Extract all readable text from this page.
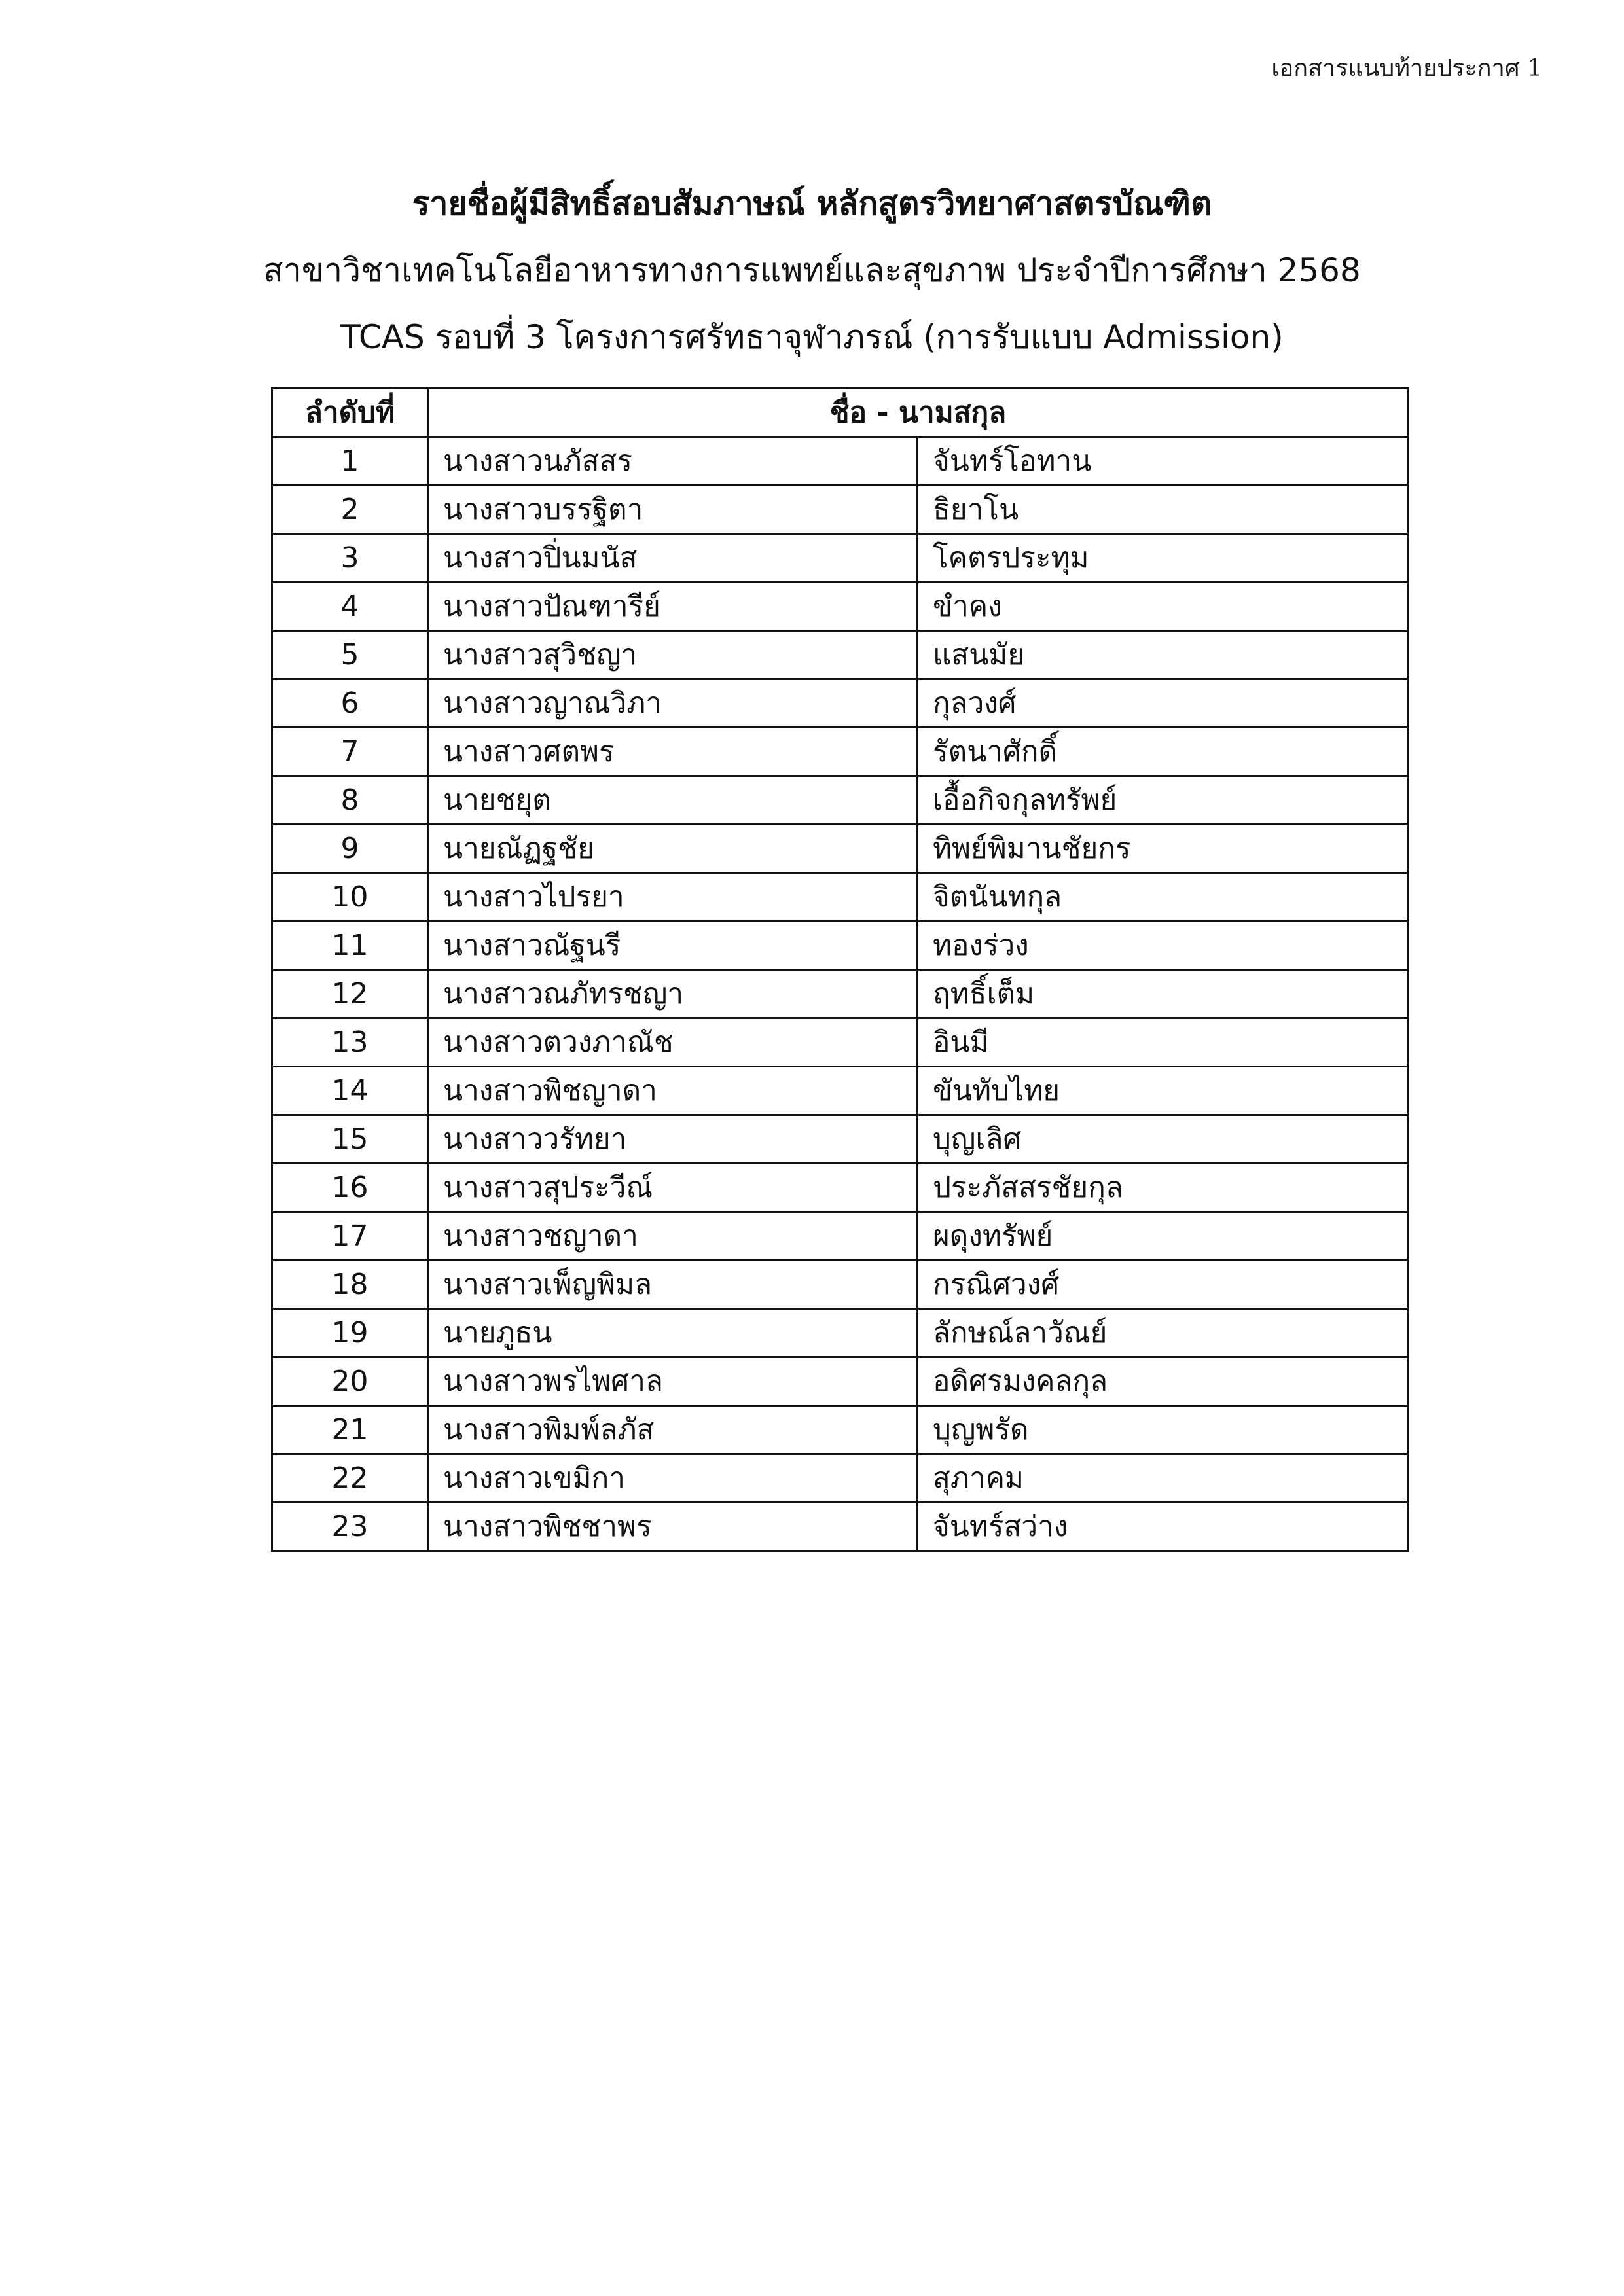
เอกสารแนบท้ายประกาศ 1
รายชื่อผู้มีสิทธิ์สอบสัมภาษณ์ หลักสูตรวิทยาศาสตรบัณฑิต
สาขาวิชาเทคโนโลยีอาหารทางการแพทย์และสุขภาพ ประจำปีการศึกษา 2568
TCAS รอบที่ 3 โครงการศรัทธาจุฬาภรณ์ (การรับแบบ Admission)
ลำดับที่	ชื่อ - นามสกุล	
1	นางสาวนภัสสร	จันทร์โอทาน
2	นางสาวบรรฐิตา	ธิยาโน
3	นางสาวปิ่นมนัส	โคตรประทุม
4	นางสาวปัณฑารีย์	ขำคง
5	นางสาวสุวิชญา	แสนมัย
6	นางสาวญาณวิภา	กุลวงศ์
7	นางสาวศตพร	รัตนาศักดิ์
8	นายชยุต	เอื้อกิจกุลทรัพย์
9	นายณัฏฐชัย	ทิพย์พิมานชัยกร
10	นางสาวไปรยา	จิตนันทกุล
11	นางสาวณัฐนรี	ทองร่วง
12	นางสาวณภัทรชญา	ฤทธิ์เต็ม
13	นางสาวตวงภาณัช	อินมี
14	นางสาวพิชญาดา	ขันทับไทย
15	นางสาววรัทยา	บุญเลิศ
16	นางสาวสุประวีณ์	ประภัสสรชัยกุล
17	นางสาวชญาดา	ผดุงทรัพย์
18	นางสาวเพ็ญพิมล	กรณิศวงศ์
19	นายภูธน	ลักษณ์ลาวัณย์
20	นางสาวพรไพศาล	อดิศรมงคลกุล
21	นางสาวพิมพ์ลภัส	บุญพรัด
22	นางสาวเขมิกา	สุภาคม
23	นางสาวพิชชาพร	จันทร์สว่าง
